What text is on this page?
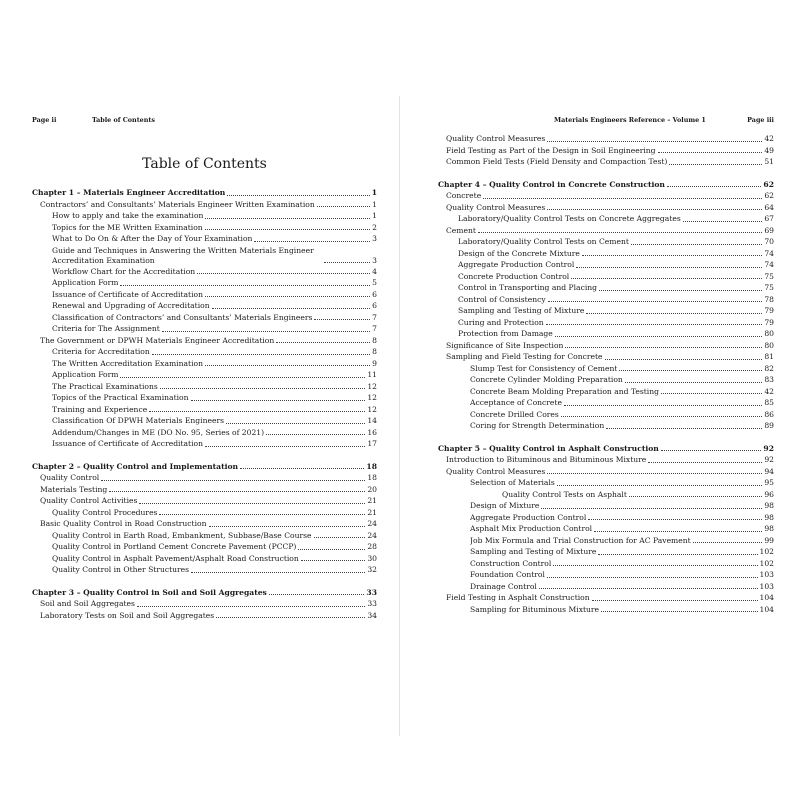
Page ii	Table of Contents
Table of Contents
Chapter 1 – Materials Engineer Accreditation	1
Contractors’ and Consultants’ Materials Engineer Written Examination	1
How to apply and take the examination	1
Topics for the ME Written Examination	2
What to Do On & After the Day of Your Examination	3
Guide and Techniques in Answering the Written Materials Engineer Accreditation Examination	3
Workflow Chart for the Accreditation	4
Application Form	5
Issuance of Certificate of Accreditation	6
Renewal and Upgrading of Accreditation	6
Classification of Contractors’ and Consultants’ Materials Engineers	7
Criteria for The Assignment	7
The Government or DPWH Materials Engineer Accreditation	8
Criteria for Accreditation	8
The Written Accreditation Examination	9
Application Form	11
The Practical Examinations	12
Topics of the Practical Examination	12
Training and Experience	12
Classification Of DPWH Materials Engineers	14
Addendum/Changes in ME (DO No. 95, Series of 2021)	16
Issuance of Certificate of Accreditation	17
Chapter 2 – Quality Control and Implementation	18
Quality Control	18
Materials Testing	20
Quality Control Activities	21
Quality Control Procedures	21
Basic Quality Control in Road Construction	24
Quality Control in Earth Road, Embankment, Subbase/Base Course	24
Quality Control in Portland Cement Concrete Pavement (PCCP)	28
Quality Control in Asphalt Pavement/Asphalt Road Construction	30
Quality Control in Other Structures	32
Chapter 3 – Quality Control in Soil and Soil Aggregates	33
Soil and Soil Aggregates	33
Laboratory Tests on Soil and Soil Aggregates	34
Materials Engineers Reference – Volume 1	Page iii
Quality Control Measures	42
Field Testing as Part of the Design in Soil Engineering	49
Common Field Tests (Field Density and Compaction Test)	51
Chapter 4 – Quality Control in Concrete Construction	62
Concrete	62
Quality Control Measures	64
Laboratory/Quality Control Tests on Concrete Aggregates	67
Cement	69
Laboratory/Quality Control Tests on Cement	70
Design of the Concrete Mixture	74
Aggregate Production Control	74
Concrete Production Control	75
Control in Transporting and Placing	75
Control of Consistency	78
Sampling and Testing of Mixture	79
Curing and Protection	79
Protection from Damage	80
Significance of Site Inspection	80
Sampling and Field Testing for Concrete	81
Slump Test for Consistency of Cement	82
Concrete Cylinder Molding Preparation	83
Concrete Beam Molding Preparation and Testing	42
Acceptance of Concrete	85
Concrete Drilled Cores	86
Coring for Strength Determination	89
Chapter 5 – Quality Control in Asphalt Construction	92
Introduction to Bituminous and Bituminous Mixture	92
Quality Control Measures	94
Selection of Materials	95
Quality Control Tests on Asphalt	96
Design of Mixture	98
Aggregate Production Control	98
Asphalt Mix Production Control	98
Job Mix Formula and Trial Construction for AC Pavement	99
Sampling and Testing of Mixture	102
Construction Control	102
Foundation Control	103
Drainage Control	103
Field Testing in Asphalt Construction	104
Sampling for Bituminous Mixture	104
